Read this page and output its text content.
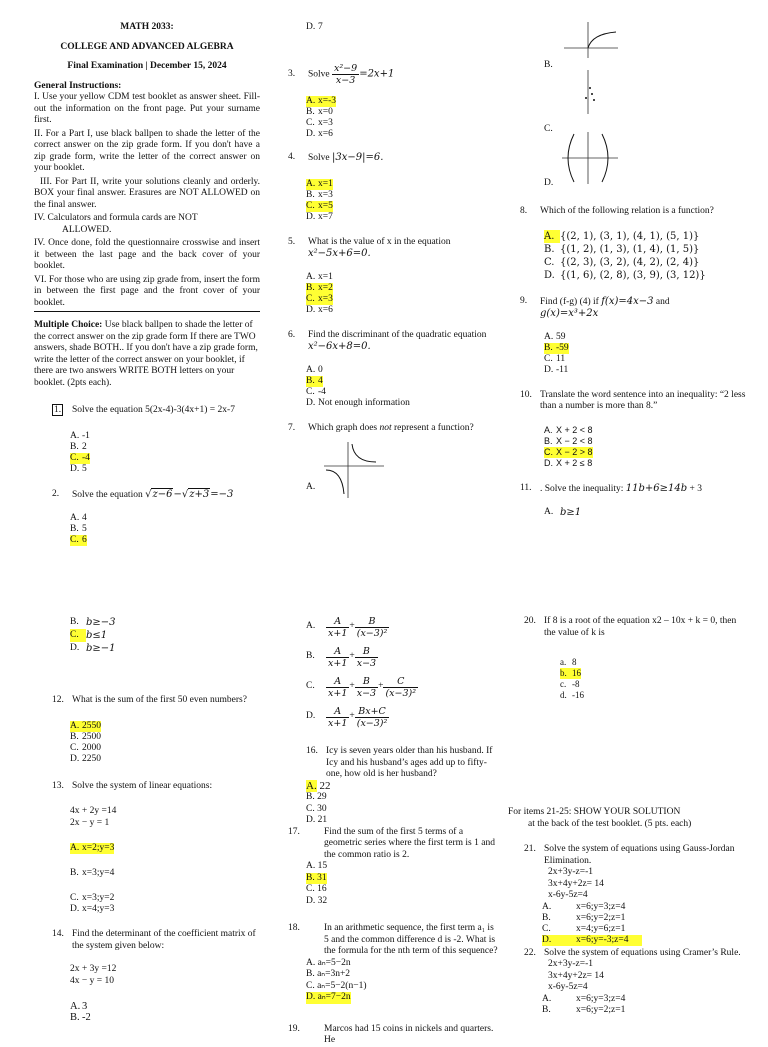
MATH 2033:
COLLEGE AND ADVANCED ALGEBRA
Final Examination | December 15, 2024
General Instructions:
I. Use your yellow CDM test booklet as answer sheet. Fill-out the information on the front page. Put your surname first.
II. For a Part I, use black ballpen to shade the letter of the correct answer on the zip grade form. If you don't have a zip grade form, write the letter of the correct answer on your booklet.
III. For Part II, write your solutions cleanly and orderly. BOX your final answer. Erasures are NOT ALLOWED on the final answer.
IV. Calculators and formula cards are NOT
ALLOWED.
IV. Once done, fold the questionnaire crosswise and insert it between the last page and the back cover of your booklet.
VI. For those who are using zip grade from, insert the form in between the first page and the front cover of your booklet.
Multiple Choice: Use black ballpen to shade the letter of the correct answer on the zip grade form If there are TWO answers, shade BOTH.. If you don't have a zip grade form, write the letter of the correct answer on your booklet, if there are two answers WRITE BOTH letters on your booklet. (2pts each).
1.	Solve the equation 5(2x-4)-3(4x+1) = 2x-7
A. -1
B. 2
C. -4
D. 5
2.	Solve the equation √z−6−√z+3=−3
A. 4
B. 5
C. 6
D. 7
3.	Solve $\frac{\text{x²−9}}{x-3} =2x+1$
A. x=-3
B. x=0
C. x=3
D. x=6
4.	Solve |3x−9|=6.
A. x=1
B. x=3
C. x=5
D. x=7
5.	What is the value of x in the equation
x²−5x+6=0.
A. x=1
B. x=2
C. x=3
D. x=6
6.	Find the discriminant of the quadratic equation
x²−6x+8=0.
A. 0
B. 4
C. -4
D. Not enough information
7.	Which graph does not represent a function?
A.
B.
C.
D.
8.	Which of the following relation is a function?
A. {(2, 1), (3, 1), (4, 1), (5, 1)}
B. {(1, 2), (1, 3), (1, 4), (1, 5)}
C. {(2, 3), (3, 2), (4, 2), (2, 4)}
D. {(1, 6), (2, 8), (3, 9), (3, 12)}
9.	Find (f-g) (4) if f(x)=4x−3 and
g(x)=x³+2x
A. 59
B. -59
C. 11
D. -11
10. Translate the word sentence into an inequality: “2 less than a number is more than 8.”
A. X + 2 < 8
B. X − 2 < 8
C. X − 2 > 8
D. X + 2 ≤ 8
11. . Solve the inequality: 11b+6≥14b + 3
A. b≥1
B. b≥−3
C. b≤1
D. b≥−1
12. What is the sum of the first 50 even numbers?
A. 2550
B. 2500
C. 2000
D. 2250
13. Solve the system of linear equations:
4x + 2y =14
2x − y = 1
A. x=2;y=3
B. x=3;y=4
C. x=3;y=2
D. x=4;y=3
14. Find the determinant of the coefficient matrix of the system given below:
2x + 3y =12
4x − y = 10
A. 3
B. -2
A.	$\frac{A}{x+1} + \frac{B}{\text{(x−3)²}}$
B.	$\frac{A}{x+1} + \frac{B}{x-3}$
C.	$\frac{A}{x+1} + \frac{B}{x-3} + \frac{C}{\text{(x−3)²}}$
D.	$\frac{A}{x+1} + \frac{Bx+C}{\text{(x−3)²}}$
16. Icy is seven years older than his husband. If Icy and his husband’s ages add up to fifty-one, how old is her husband?
A. 22
B. 29
C. 30
D. 21
17.	Find the sum of the first 5 terms of a geometric series where the first term is 1 and the common ratio is 2.
A. 15
B. 31
C. 16
D. 32
18.	In an arithmetic sequence, the first term a₁ is 5 and the common difference d is -2. What is the formula for the nth term of this sequence?
A. aₙ=5−2n
B. aₙ=3n+2
C. aₙ=5−2(n−1)
D. aₙ=7−2n
19.	Marcos had 15 coins in nickels and quarters. He
20. If 8 is a root of the equation x2 – 10x + k = 0, then the value of k is
a. 8
b. 16
c. -8
d. -16
For items 21-25: SHOW YOUR SOLUTION
at the back of the test booklet. (5 pts. each)
21. Solve the system of equations using Gauss-Jordan Elimination.
2x+3y-z=-1
3x+4y+2z= 14
x-6y-5z=4
A.	x=6;y=3;z=4
B.	x=6;y=2;z=1
C.	x=4;y=6;z=1
D.	x=6;y=-3;z=4
22. Solve the system of equations using Cramer’s Rule.
2x+3y-z=-1
3x+4y+2z= 14
x-6y-5z=4
A.	x=6;y=3;z=4
B.	x=6;y=2;z=1
